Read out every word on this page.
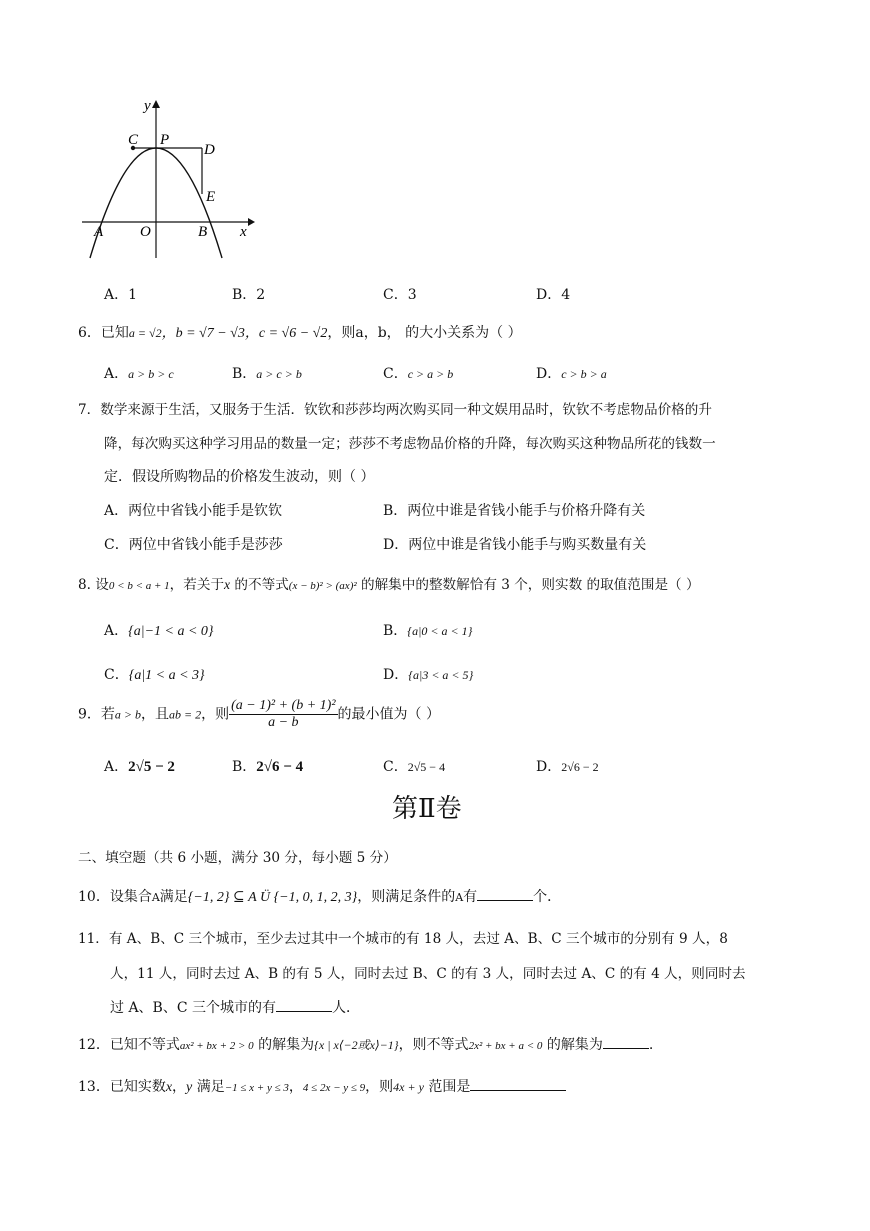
y
x
C P
D
E
A O	B
A．1	B．2	C．3	D．4
6．已知a = √2，b = √7 − √3，c = √6 − √2，则a，b， 的大小关系为（ ）
A．a > b > c	B．a > c > b	C．c > a > b	D．c > b > a
7．数学来源于生活，又服务于生活．钦钦和莎莎均两次购买同一种文娱用品时，钦钦不考虑物品价格的升
降，每次购买这种学习用品的数量一定；莎莎不考虑物品价格的升降，每次购买这种物品所花的钱数一
定．假设所购物品的价格发生波动，则（ ）
A．两位中省钱小能手是钦钦	B．两位中谁是省钱小能手与价格升降有关
C．两位中省钱小能手是莎莎	D．两位中谁是省钱小能手与购买数量有关
8. 设0 < b < a + 1，若关于x 的不等式(x − b)² > (ax)² 的解集中的整数解恰有 3 个，则实数 的取值范围是（ ）
A．{a|−1 < a < 0}	B．{a|0 < a < 1}
C．{a|1 < a < 3}	D．{a|3 < a < 5}
9．若a > b，且ab = 2，则 $\frac{\text{(a − 1)² + (b + 1)²}}{a - b}$ 的最小值为（ ）
A．2√5 − 2	B．2√6 − 4	C．2√5 − 4	D．2√6 − 2
第Ⅱ卷
二、填空题（共 6 小题，满分 30 分，每小题 5 分）
10．设集合A满足{−1, 2} ⊆ A Ü {−1, 0, 1, 2, 3}，则满足条件的A有	个．
11．有 A、B、C 三个城市，至少去过其中一个城市的有 18 人，去过 A、B、C 三个城市的分别有 9 人，8
人，11 人，同时去过 A、B 的有 5 人，同时去过 B、C 的有 3 人，同时去过 A、C 的有 4 人，则同时去
过 A、B、C 三个城市的有	人．
12．已知不等式ax² + bx + 2 > 0 的解集为{x | x⟨−2或x⟩−1}，则不等式2x² + bx + a < 0 的解集为	.
13．已知实数x，y 满足−1 ≤ x + y ≤ 3，4 ≤ 2x − y ≤ 9，则4x + y 范围是
